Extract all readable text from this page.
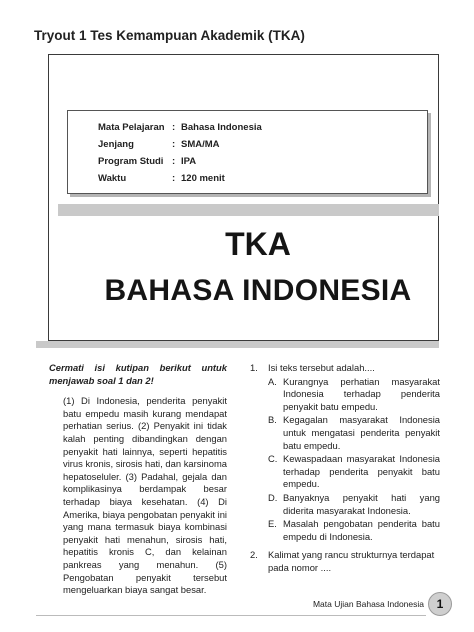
Tryout 1 Tes Kemampuan Akademik (TKA)
Mata Pelajaran : Bahasa Indonesia
Jenjang	: SMA/MA
Program Studi : IPA
Waktu	: 120 menit
TKA
BAHASA INDONESIA
Cermati isi kutipan berikut untuk menjawab soal 1 dan 2!
(1) Di Indonesia, penderita penyakit batu empedu masih kurang mendapat perhatian serius. (2) Penyakit ini tidak kalah penting dibandingkan dengan penyakit hati lainnya, seperti hepatitis virus kronis, sirosis hati, dan karsinoma hepatoseluler. (3) Padahal, gejala dan komplikasinya berdampak besar terhadap biaya kesehatan. (4) Di Amerika, biaya pengobatan penyakit ini yang mana termasuk biaya kombinasi penyakit hati menahun, sirosis hati, hepatitis kronis C, dan kelainan pankreas yang menahun. (5) Pengobatan penyakit tersebut mengeluarkan biaya sangat besar.
1. Isi teks tersebut adalah....
A. Kurangnya perhatian masyarakat Indonesia terhadap penderita penyakit batu empedu.
B. Kegagalan masyarakat Indonesia untuk mengatasi penderita penyakit batu empedu.
C. Kewaspadaan masyarakat Indonesia terhadap penderita penyakit batu empedu.
D. Banyaknya penyakit hati yang diderita masyarakat Indonesia.
E. Masalah pengobatan penderita batu empedu di Indonesia.
2. Kalimat yang rancu strukturnya terdapat pada nomor ....
Mata Ujian Bahasa Indonesia	1
